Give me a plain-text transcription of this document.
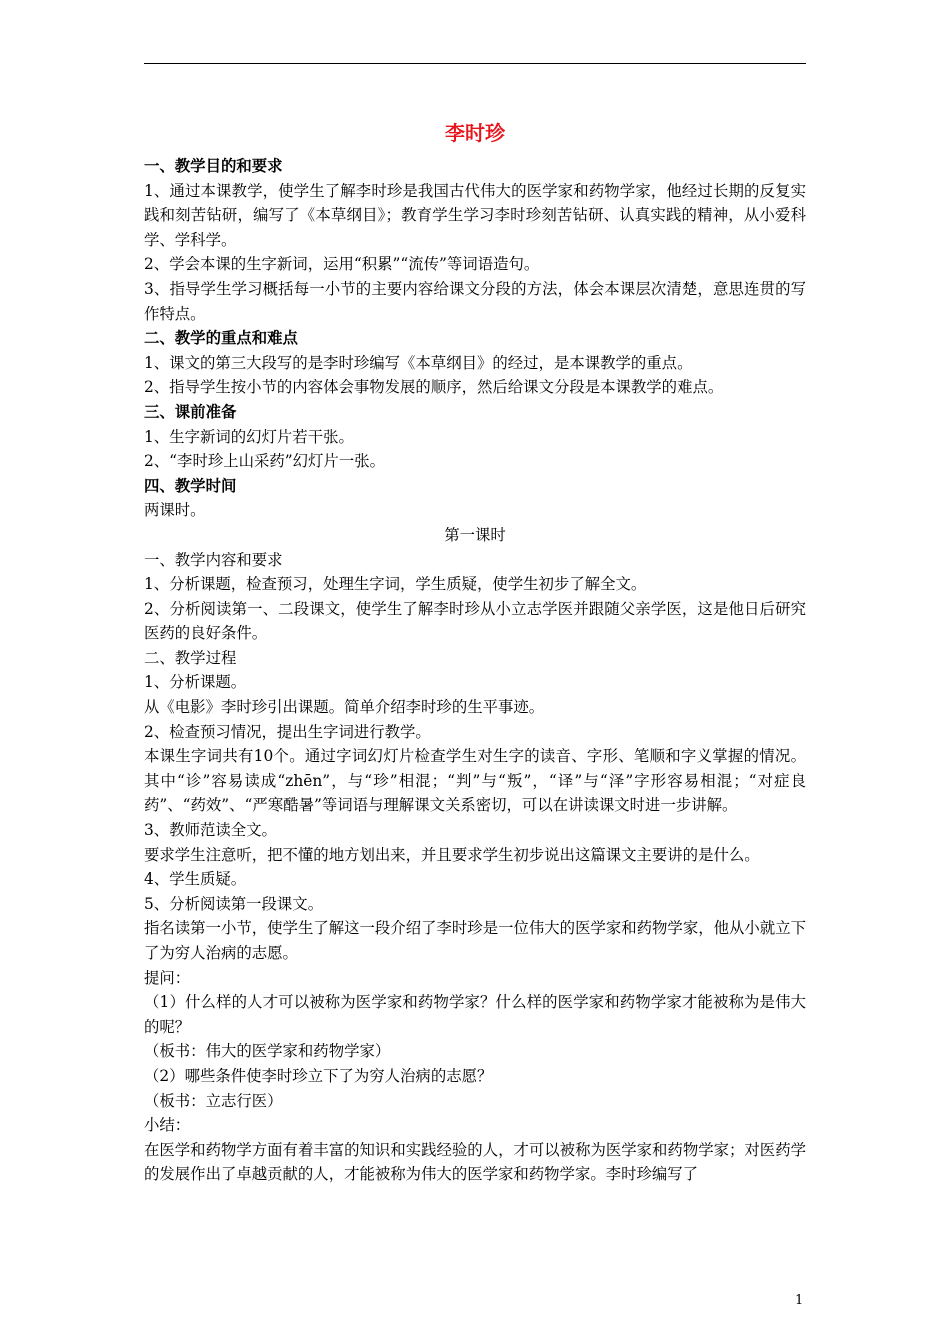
李时珍

一、教学目的和要求

1、通过本课教学，使学生了解李时珍是我国古代伟大的医学家和药物学家，他经过长期的反复实践和刻苦钻研，编写了《本草纲目》；教育学生学习李时珍刻苦钻研、认真实践的精神，从小爱科学、学科学。

2、学会本课的生字新词，运用“积累”“流传”等词语造句。

3、指导学生学习概括每一小节的主要内容给课文分段的方法，体会本课层次清楚，意思连贯的写作特点。

二、教学的重点和难点

1、课文的第三大段写的是李时珍编写《本草纲目》的经过，是本课教学的重点。

2、指导学生按小节的内容体会事物发展的顺序，然后给课文分段是本课教学的难点。

三、课前准备

1、生字新词的幻灯片若干张。

2、“李时珍上山采药”幻灯片一张。

四、教学时间

两课时。

第一课时

一、教学内容和要求

1、分析课题，检查预习，处理生字词，学生质疑，使学生初步了解全文。

2、分析阅读第一、二段课文，使学生了解李时珍从小立志学医并跟随父亲学医，这是他日后研究医药的良好条件。

二、教学过程

1、分析课题。

从《电影》李时珍引出课题。简单介绍李时珍的生平事迹。

2、检查预习情况，提出生字词进行教学。

本课生字词共有10个。通过字词幻灯片检查学生对生字的读音、字形、笔顺和字义掌握的情况。其中“诊”容易读成“zhēn”，与“珍”相混；“判”与“叛”，“译”与“泽”字形容易相混；“对症良药”、“药效”、“严寒酷暑”等词语与理解课文关系密切，可以在讲读课文时进一步讲解。

3、教师范读全文。

要求学生注意听，把不懂的地方划出来，并且要求学生初步说出这篇课文主要讲的是什么。

4、学生质疑。

5、分析阅读第一段课文。

指名读第一小节，使学生了解这一段介绍了李时珍是一位伟大的医学家和药物学家，他从小就立下了为穷人治病的志愿。

提问：

（1）什么样的人才可以被称为医学家和药物学家？什么样的医学家和药物学家才能被称为是伟大的呢？

（板书：伟大的医学家和药物学家）

（2）哪些条件使李时珍立下了为穷人治病的志愿？

（板书：立志行医）

小结：

在医学和药物学方面有着丰富的知识和实践经验的人，才可以被称为医学家和药物学家；对医药学的发展作出了卓越贡献的人，才能被称为伟大的医学家和药物学家。李时珍编写了

1
